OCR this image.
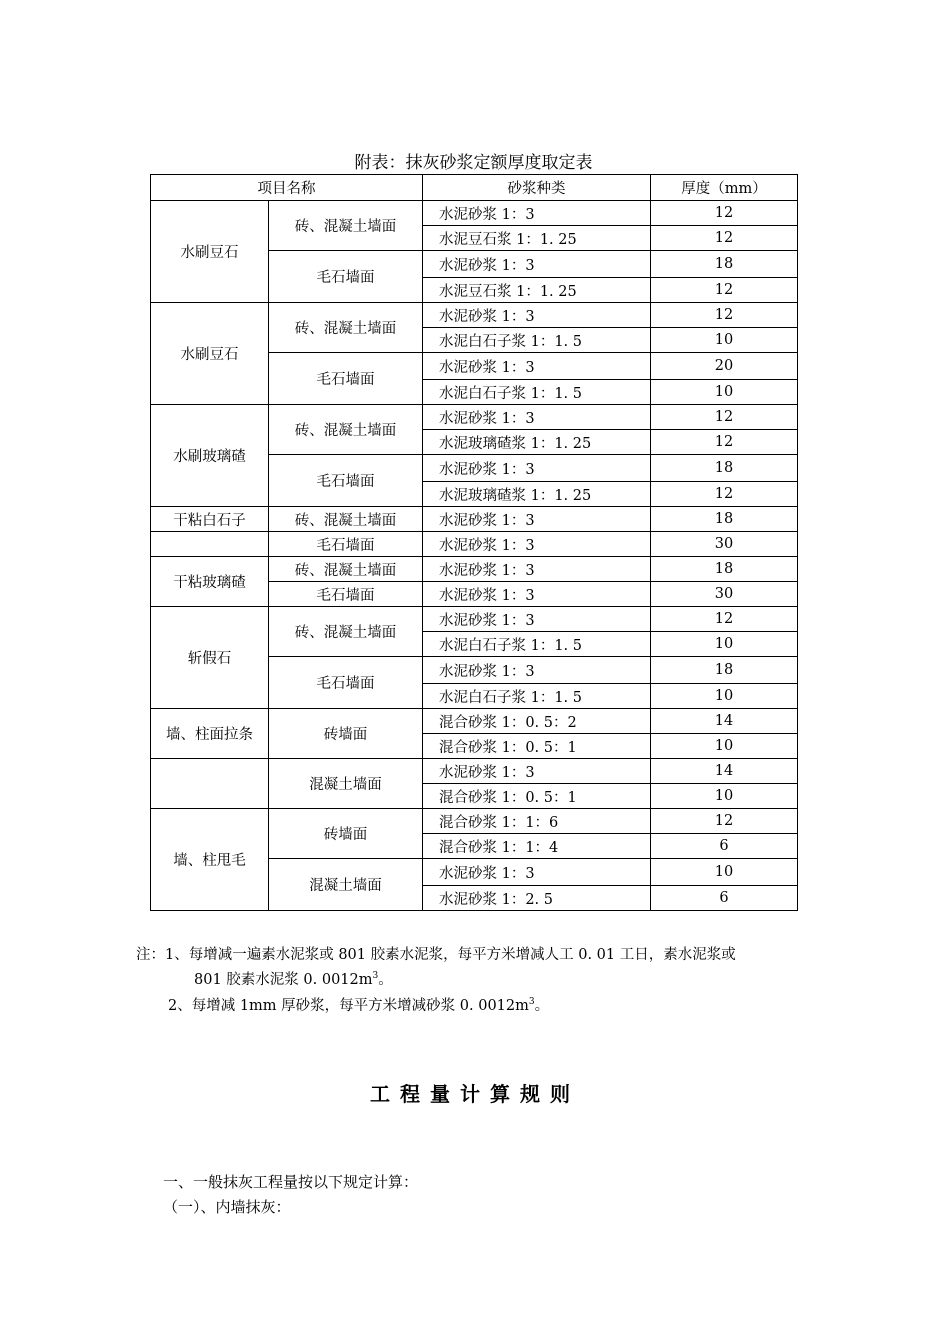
附表：抹灰砂浆定额厚度取定表
项目名称		砂浆种类	厚度（mm）
水刷豆石	砖、混凝土墙面	水泥砂浆 1：3	12
		水泥豆石浆 1：1. 25	12
	毛石墙面	水泥砂浆 1：3	18
		水泥豆石浆 1：1. 25	12
水刷豆石	砖、混凝土墙面	水泥砂浆 1：3	12
		水泥白石子浆 1：1. 5	10
	毛石墙面	水泥砂浆 1：3	20
		水泥白石子浆 1：1. 5	10
水刷玻璃碴	砖、混凝土墙面	水泥砂浆 1：3	12
		水泥玻璃碴浆 1：1. 25	12
	毛石墙面	水泥砂浆 1：3	18
		水泥玻璃碴浆 1：1. 25	12
干粘白石子	砖、混凝土墙面	水泥砂浆 1：3	18
	毛石墙面	水泥砂浆 1：3	30
干粘玻璃碴	砖、混凝土墙面	水泥砂浆 1：3	18
	毛石墙面	水泥砂浆 1：3	30
斩假石	砖、混凝土墙面	水泥砂浆 1：3	12
		水泥白石子浆 1：1. 5	10
	毛石墙面	水泥砂浆 1：3	18
		水泥白石子浆 1：1. 5	10
墙、柱面拉条	砖墙面	混合砂浆 1：0. 5：2	14
		混合砂浆 1：0. 5：1	10
	混凝土墙面	水泥砂浆 1：3	14
		混合砂浆 1：0. 5：1	10
墙、柱甩毛	砖墙面	混合砂浆 1：1：6	12
		混合砂浆 1：1：4	6
	混凝土墙面	水泥砂浆 1：3	10
		水泥砂浆 1：2. 5	6
注：1、每增减一遍素水泥浆或 801 胶素水泥浆，每平方米增减人工 0. 01 工日，素水泥浆或
801 胶素水泥浆 0. $0012m^3$。
2、每增减 1mm 厚砂浆，每平方米增减砂浆 0. $0012m^3$。
工程量计算规则
一、一般抹灰工程量按以下规定计算：
（一）、内墙抹灰：
